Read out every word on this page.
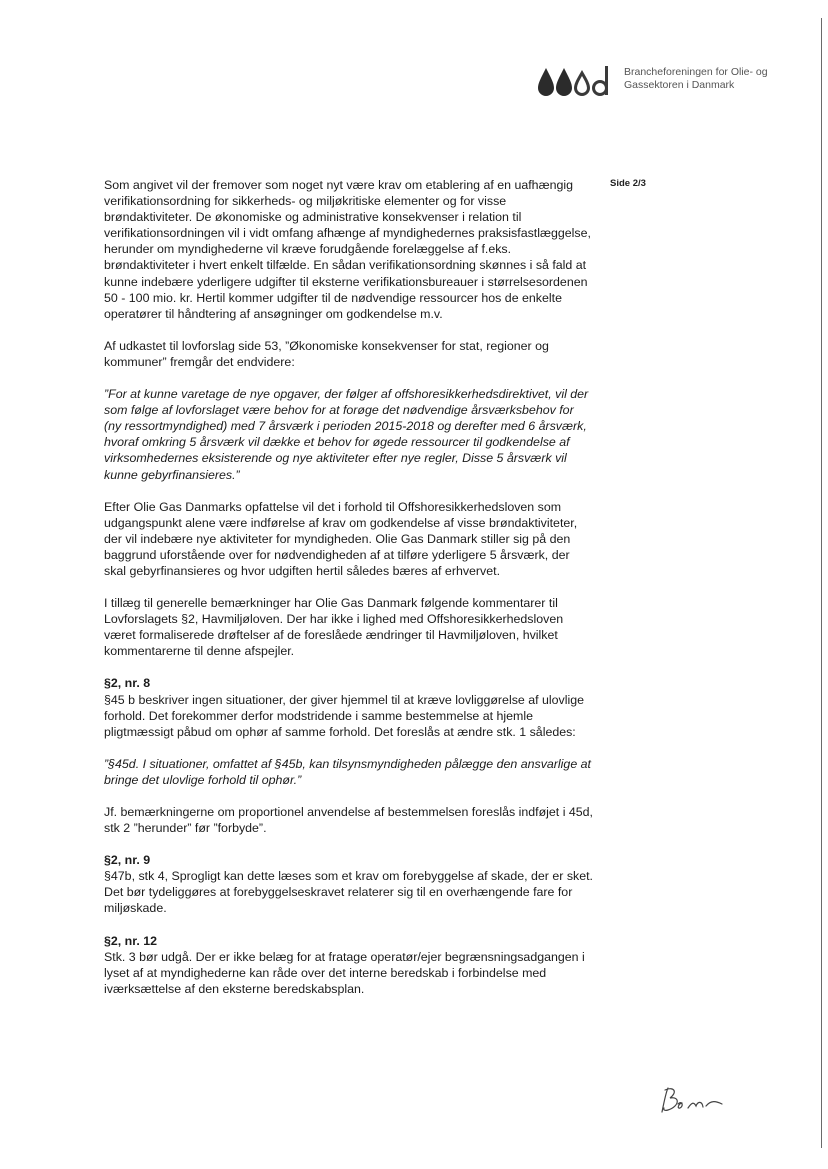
Brancheforeningen for Olie- og
Gassektoren i Danmark
Side 2/3

Som angivet vil der fremover som noget nyt være krav om etablering af en uafhængig verifikationsordning for sikkerheds- og miljøkritiske elementer og for visse brøndaktiviteter. De økonomiske og administrative konsekvenser i relation til verifikationsordningen vil i vidt omfang afhænge af myndighedernes praksisfastlæggelse, herunder om myndighederne vil kræve forudgående forelæggelse af f.eks. brøndaktiviteter i hvert enkelt tilfælde. En sådan verifikationsordning skønnes i så fald at kunne indebære yderligere udgifter til eksterne verifikationsbureauer i størrelsesordenen 50 - 100 mio. kr. Hertil kommer udgifter til de nødvendige ressourcer hos de enkelte operatører til håndtering af ansøgninger om godkendelse m.v.

Af udkastet til lovforslag side 53, ”Økonomiske konsekvenser for stat, regioner og kommuner” fremgår det endvidere:

”For at kunne varetage de nye opgaver, der følger af offshoresikkerhedsdirektivet, vil der som følge af lovforslaget være behov for at forøge det nødvendige årsværksbehov for (ny ressortmyndighed) med 7 årsværk i perioden 2015-2018 og derefter med 6 årsværk, hvoraf omkring 5 årsværk vil dække et behov for øgede ressourcer til godkendelse af virksomhedernes eksisterende og nye aktiviteter efter nye regler, Disse 5 årsværk vil kunne gebyrfinansieres.”

Efter Olie Gas Danmarks opfattelse vil det i forhold til Offshoresikkerhedsloven som udgangspunkt alene være indførelse af krav om godkendelse af visse brøndaktiviteter, der vil indebære nye aktiviteter for myndigheden. Olie Gas Danmark stiller sig på den baggrund uforstående over for nødvendigheden af at tilføre yderligere 5 årsværk, der skal gebyrfinansieres og hvor udgiften hertil således bæres af erhvervet.

I tillæg til generelle bemærkninger har Olie Gas Danmark følgende kommentarer til Lovforslagets §2, Havmiljøloven. Der har ikke i lighed med Offshoresikkerhedsloven været formaliserede drøftelser af de foreslåede ændringer til Havmiljøloven, hvilket kommentarerne til denne afspejler.

§2, nr. 8

§45 b beskriver ingen situationer, der giver hjemmel til at kræve lovliggørelse af ulovlige forhold. Det forekommer derfor modstridende i samme bestemmelse at hjemle pligtmæssigt påbud om ophør af samme forhold. Det foreslås at ændre stk. 1 således:

”§45d. I situationer, omfattet af §45b, kan tilsynsmyndigheden pålægge den ansvarlige at bringe det ulovlige forhold til ophør.”

Jf. bemærkningerne om proportionel anvendelse af bestemmelsen foreslås indføjet i 45d, stk 2 ”herunder” før ”forbyde”.

§2, nr. 9

§47b, stk 4, Sprogligt kan dette læses som et krav om forebyggelse af skade, der er sket. Det bør tydeliggøres at forebyggelseskravet relaterer sig til en overhængende fare for miljøskade.

§2, nr. 12

Stk. 3 bør udgå. Der er ikke belæg for at fratage operatør/ejer begrænsningsadgangen i lyset af at myndighederne kan råde over det interne beredskab i forbindelse med iværksættelse af den eksterne beredskabsplan.
